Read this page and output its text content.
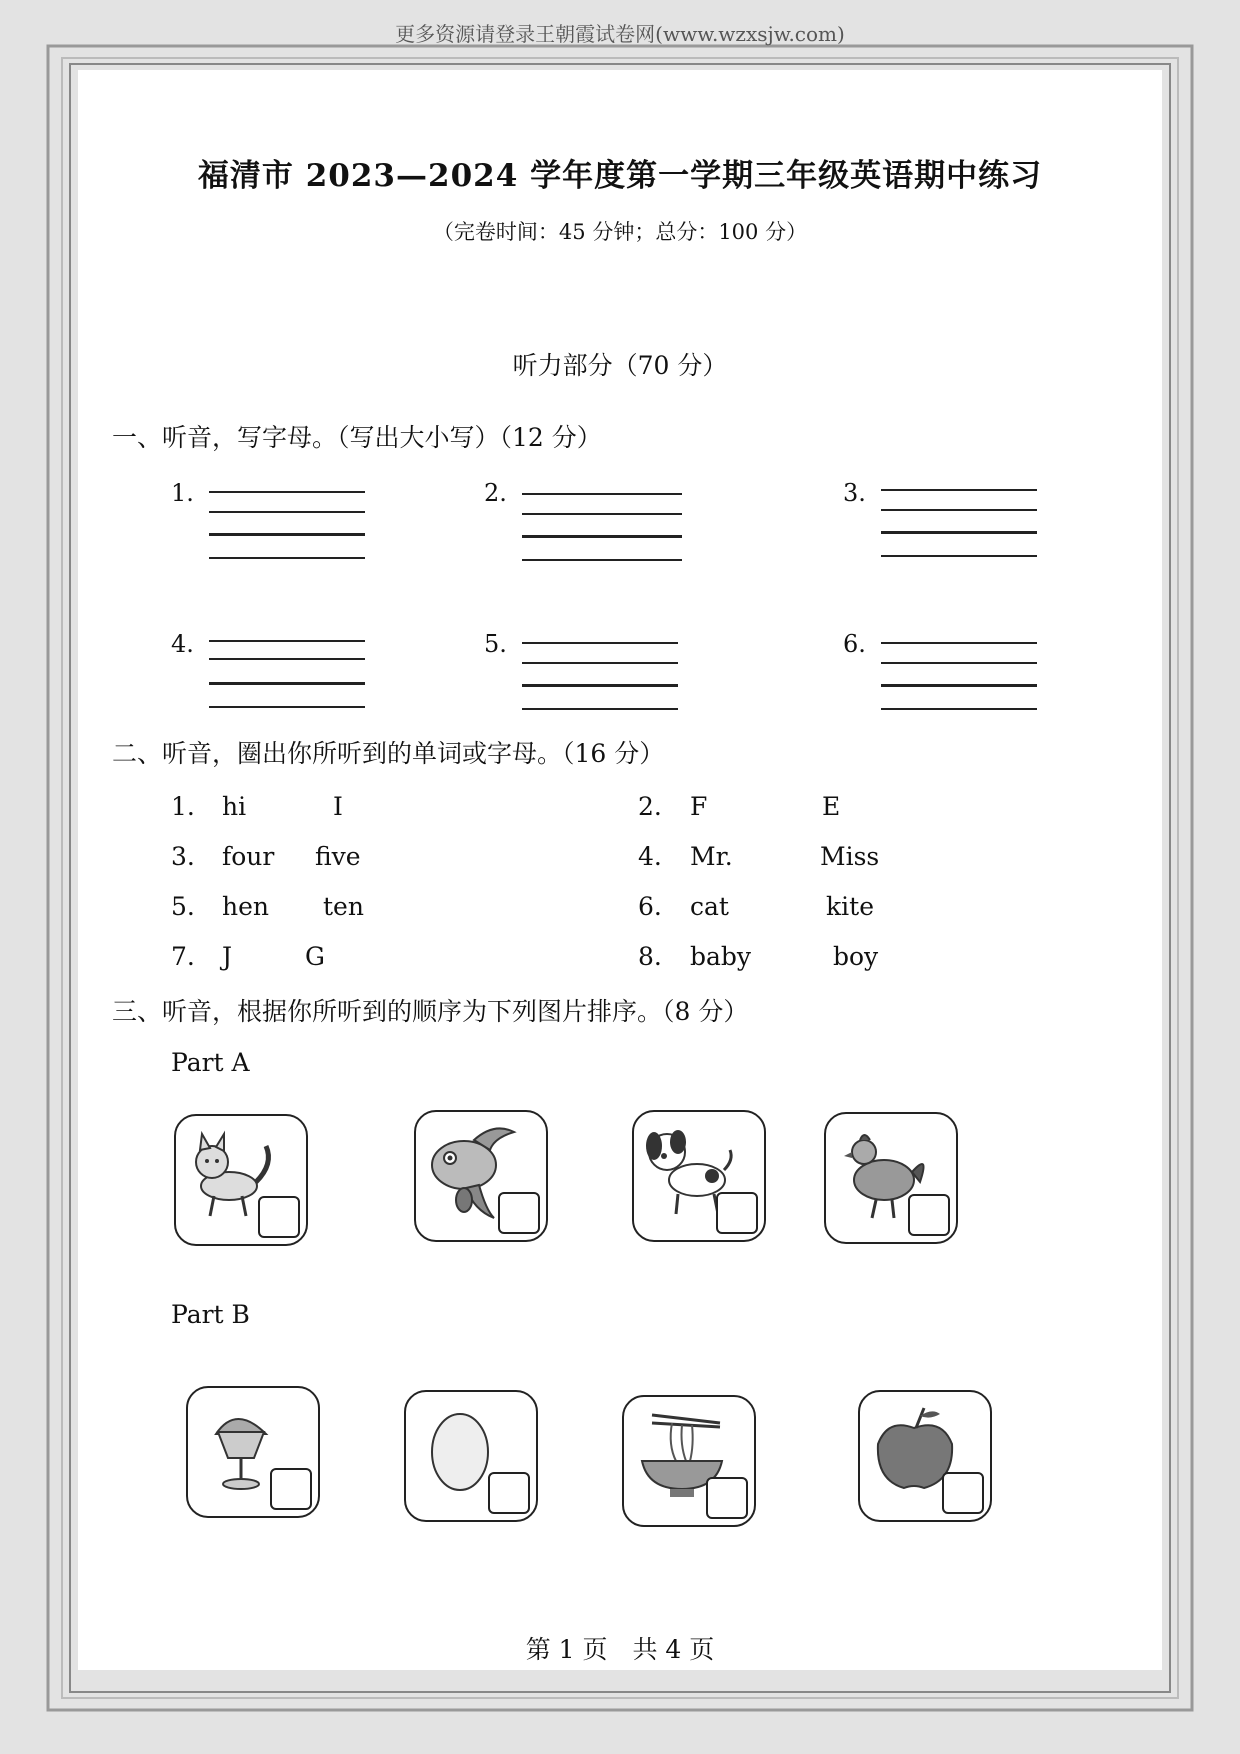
更多资源请登录王朝霞试卷网(www.wzxsjw.com)
福清市 2023—2024 学年度第一学期三年级英语期中练习
（完卷时间：45 分钟；总分：100 分）
听力部分（70 分）
一、听音，写字母。（写出大小写）（12 分）
1.	2.	3.
4.	5.	6.
二、听音，圈出你所听到的单词或字母。（16 分）
1. hi	I	2. F	E
3. four five	4. Mr.	Miss
5. hen ten	6. cat	kite
7. J	G	8. baby	boy
三、听音，根据你所听到的顺序为下列图片排序。（8 分）
Part A
Part B
第 1 页　共 4 页
